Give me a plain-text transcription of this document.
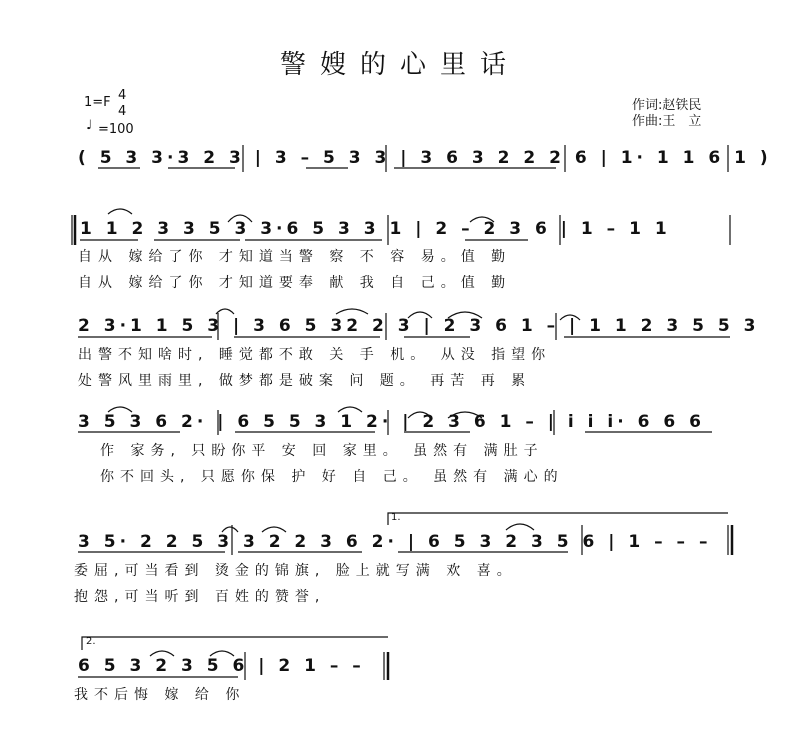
警嫂的心里话
1=F 4
4
♩ =100
作词:赵铁民
作曲:王　立
( 5 3 3·3 2 3 | 3 – 5 3 3 | 3 6 3 2 2 2 6 | 1· 1 1 6 1 )
1 1 2 3 3 5 3 3·6 5 3 3 1 | 2 – 2 3 6 | 1 – 1 1
自从 嫁给了你 才知道当警 察 不 容 易。值 勤
自从 嫁给了你 才知道要奉 献 我 自 己。值 勤
2 3·1 1 5 3 | 3 6 5 32 2 3 | 2 3 6 1 – | 1 1 2 3 5 5 3
出警不知啥时, 睡觉都不敢 关 手 机。 从没 指望你
处警风里雨里, 做梦都是破案 问 题。 再苦 再 累
3 5 3 6 2· | 6 5 5 3 1 2· | 2 3 6 1 – | i i i· 6 6 6
作 家务, 只盼你平 安 回 家里。 虽然有 满肚子
你不回头, 只愿你保 护 好 自 己。 虽然有 满心的
1.
3 5· 2 2 5 3 3 2 2 3 6 2· | 6 5 3 2 3 5 6 | 1 – – –
委屈,可当看到 烫金的锦旗, 脸上就写满 欢 喜。
抱怨,可当听到 百姓的赞誉,
2.
6 5 3 2 3 5 6 | 2 1 – –
我不后悔 嫁 给 你
